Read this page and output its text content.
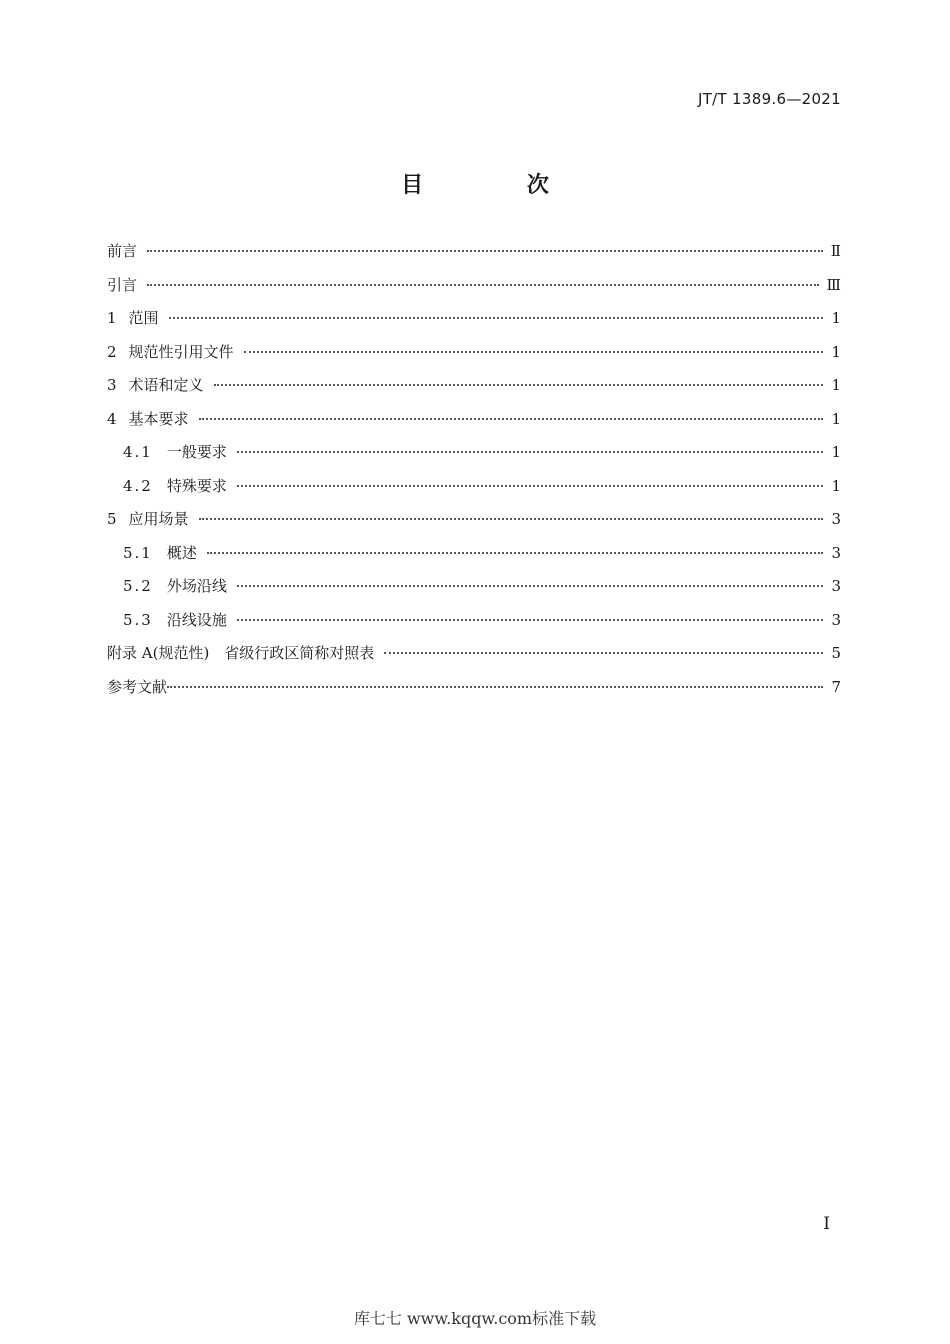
JT/T 1389.6—2021
目 次
前言	Ⅱ
引言	Ⅲ
1 范围	1
2 规范性引用文件	1
3 术语和定义	1
4 基本要求	1
4.1 一般要求	1
4.2 特殊要求	1
5 应用场景	3
5.1 概述	3
5.2 外场沿线	3
5.3 沿线设施	3
附录 A(规范性)　省级行政区简称对照表	5
参考文献	7
I
库七七 www.kqqw.com标准下载
